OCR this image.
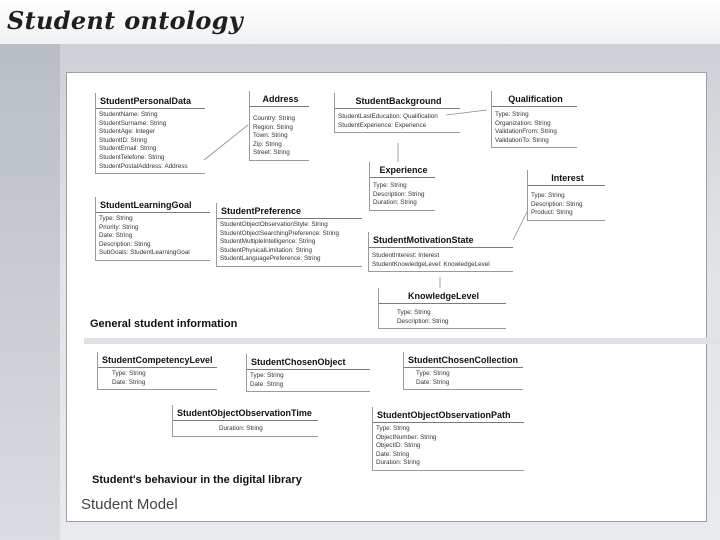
Student ontology
StudentPersonalData
StudentName: String
StudentSurname: String
StudentAge: Integer
StudentID: String
StudentEmail: String
StudentTelefone: String
StudentPostalAddress: Address
Address
Country: String
Region: String
Town: String
Zip: String
Street: String
StudentBackground
StudentLastEducation: Qualification
StudentExperience: Experience
Qualification
Type: String
Organization: String
ValidationFrom: String
ValidationTo: String
Experience
Type: String
Description: String
Duration: String
Interest
Type: String
Description: String
Product: String
StudentLearningGoal
Type: String
Priority: String
Date: String
Description: String
SubGoals: StudentLearningGoal
StudentPreference
StudentObjectObservationStyle: String
StudentObjectSearchingPreference: String
StudentMultipleIntelligence: String
StudentPhysicalLimitation: String
StudentLanguagePreference: String
StudentMotivationState
StudentInterest: Interest
StudentKnowledgeLevel: KnowledgeLevel
KnowledgeLevel
Type: String
Description: String
General student information
StudentCompetencyLevel
Type: String
Date: String
StudentChosenObject
Type: String
Date: String
StudentChosenCollection
Type: String
Date: String
StudentObjectObservationTime
Duration: String
StudentObjectObservationPath
Type: String
ObjectNumber: String
ObjectID: String
Date: String
Duration: String
Student's behaviour in the digital library
Student Model
